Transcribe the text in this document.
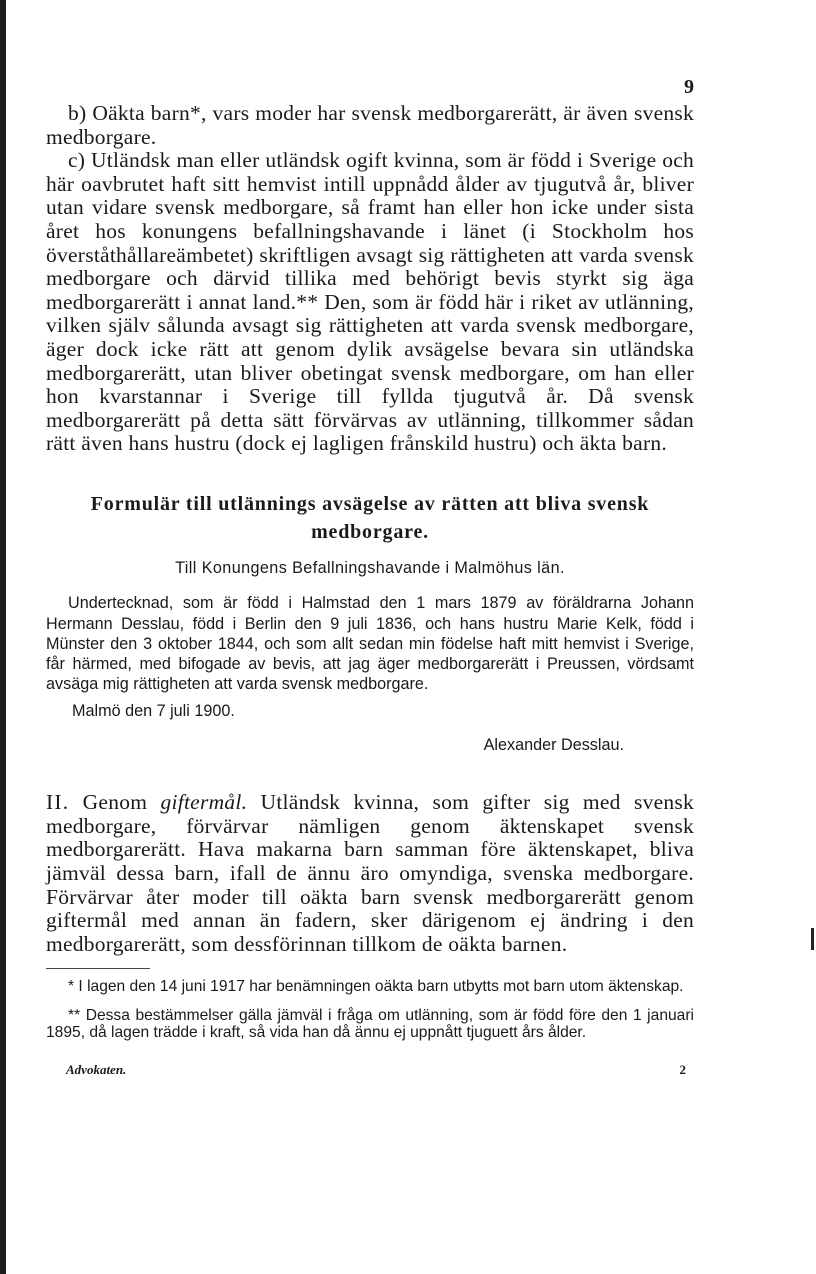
9

b) Oäkta barn*, vars moder har svensk medborgarerätt, är även svensk medborgare.

c) Utländsk man eller utländsk ogift kvinna, som är född i Sverige och här oavbrutet haft sitt hemvist intill uppnådd ålder av tjugutvå år, bliver utan vidare svensk medborgare, så framt han eller hon icke under sista året hos konungens befallningshavande i länet (i Stockholm hos överståthållareämbetet) skriftligen avsagt sig rättigheten att varda svensk medborgare och därvid tillika med behörigt bevis styrkt sig äga medborgarerätt i annat land.** Den, som är född här i riket av utlänning, vilken själv sålunda avsagt sig rättigheten att varda svensk medborgare, äger dock icke rätt att genom dylik avsägelse bevara sin utländska medborgarerätt, utan bliver obetingat svensk medborgare, om han eller hon kvarstannar i Sverige till fyllda tjugutvå år. Då svensk medborgarerätt på detta sätt förvärvas av utlänning, tillkommer sådan rätt även hans hustru (dock ej lagligen frånskild hustru) och äkta barn.

Formulär till utlännings avsägelse av rätten att bliva svensk medborgare.

Till Konungens Befallningshavande i Malmöhus län.

Undertecknad, som är född i Halmstad den 1 mars 1879 av föräldrarna Johann Hermann Desslau, född i Berlin den 9 juli 1836, och hans hustru Marie Kelk, född i Münster den 3 oktober 1844, och som allt sedan min födelse haft mitt hemvist i Sverige, får härmed, med bifogade av bevis, att jag äger medborgarerätt i Preussen, vördsamt avsäga mig rättigheten att varda svensk medborgare.

Malmö den 7 juli 1900.

Alexander Desslau.

II. Genom giftermål. Utländsk kvinna, som gifter sig med svensk medborgare, förvärvar nämligen genom äktenskapet svensk medborgarerätt. Hava makarna barn samman före äktenskapet, bliva jämväl dessa barn, ifall de ännu äro omyndiga, svenska medborgare. Förvärvar åter moder till oäkta barn svensk medborgarerätt genom giftermål med annan än fadern, sker därigenom ej ändring i den medborgarerätt, som dessförinnan tillkom de oäkta barnen.

* I lagen den 14 juni 1917 har benämningen oäkta barn utbytts mot barn utom äktenskap.

** Dessa bestämmelser gälla jämväl i fråga om utlänning, som är född före den 1 januari 1895, då lagen trädde i kraft, så vida han då ännu ej uppnått tjuguett års ålder.

Advokaten.	2
